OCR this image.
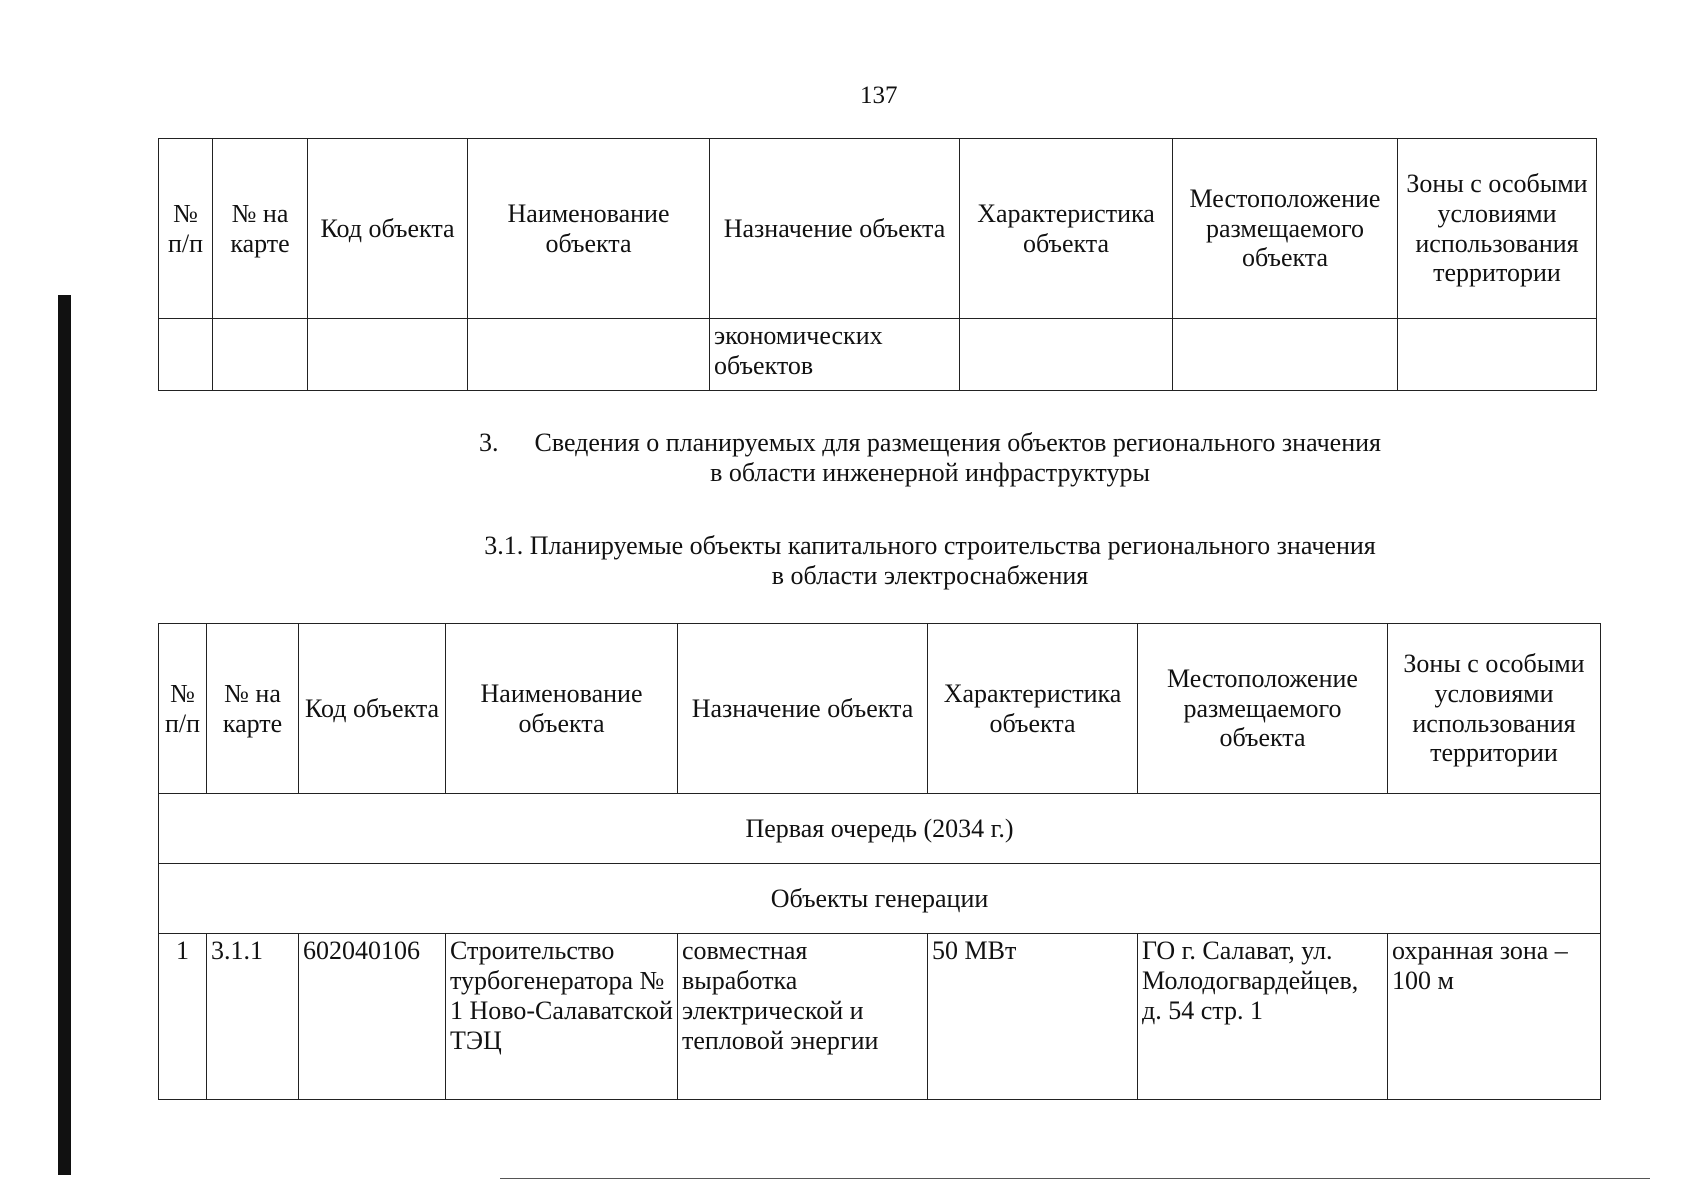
137
№ п/п	№ на карте	Код объекта	Наименование объекта	Назначение объекта	Характеристика объекта	Местоположение размещаемого объекта	Зоны с особыми условиями использования территории
				экономических объектов			
3. Сведения о планируемых для размещения объектов регионального значения
в области инженерной инфраструктуры
3.1. Планируемые объекты капитального строительства регионального значения
в области электроснабжения
№ п/п	№ на карте	Код объекта	Наименование объекта	Назначение объекта	Характеристика объекта	Местоположение размещаемого объекта	Зоны с особыми условиями использования территории
Первая очередь (2034 г.)							
Объекты генерации							
1	3.1.1	602040106	Строительство турбогенератора № 1 Ново-Салаватской ТЭЦ	совместная выработка электрической и тепловой энергии	50 МВт	ГО г. Салават, ул. Молодогвардейцев, д. 54 стр. 1	охранная зона – 100 м
